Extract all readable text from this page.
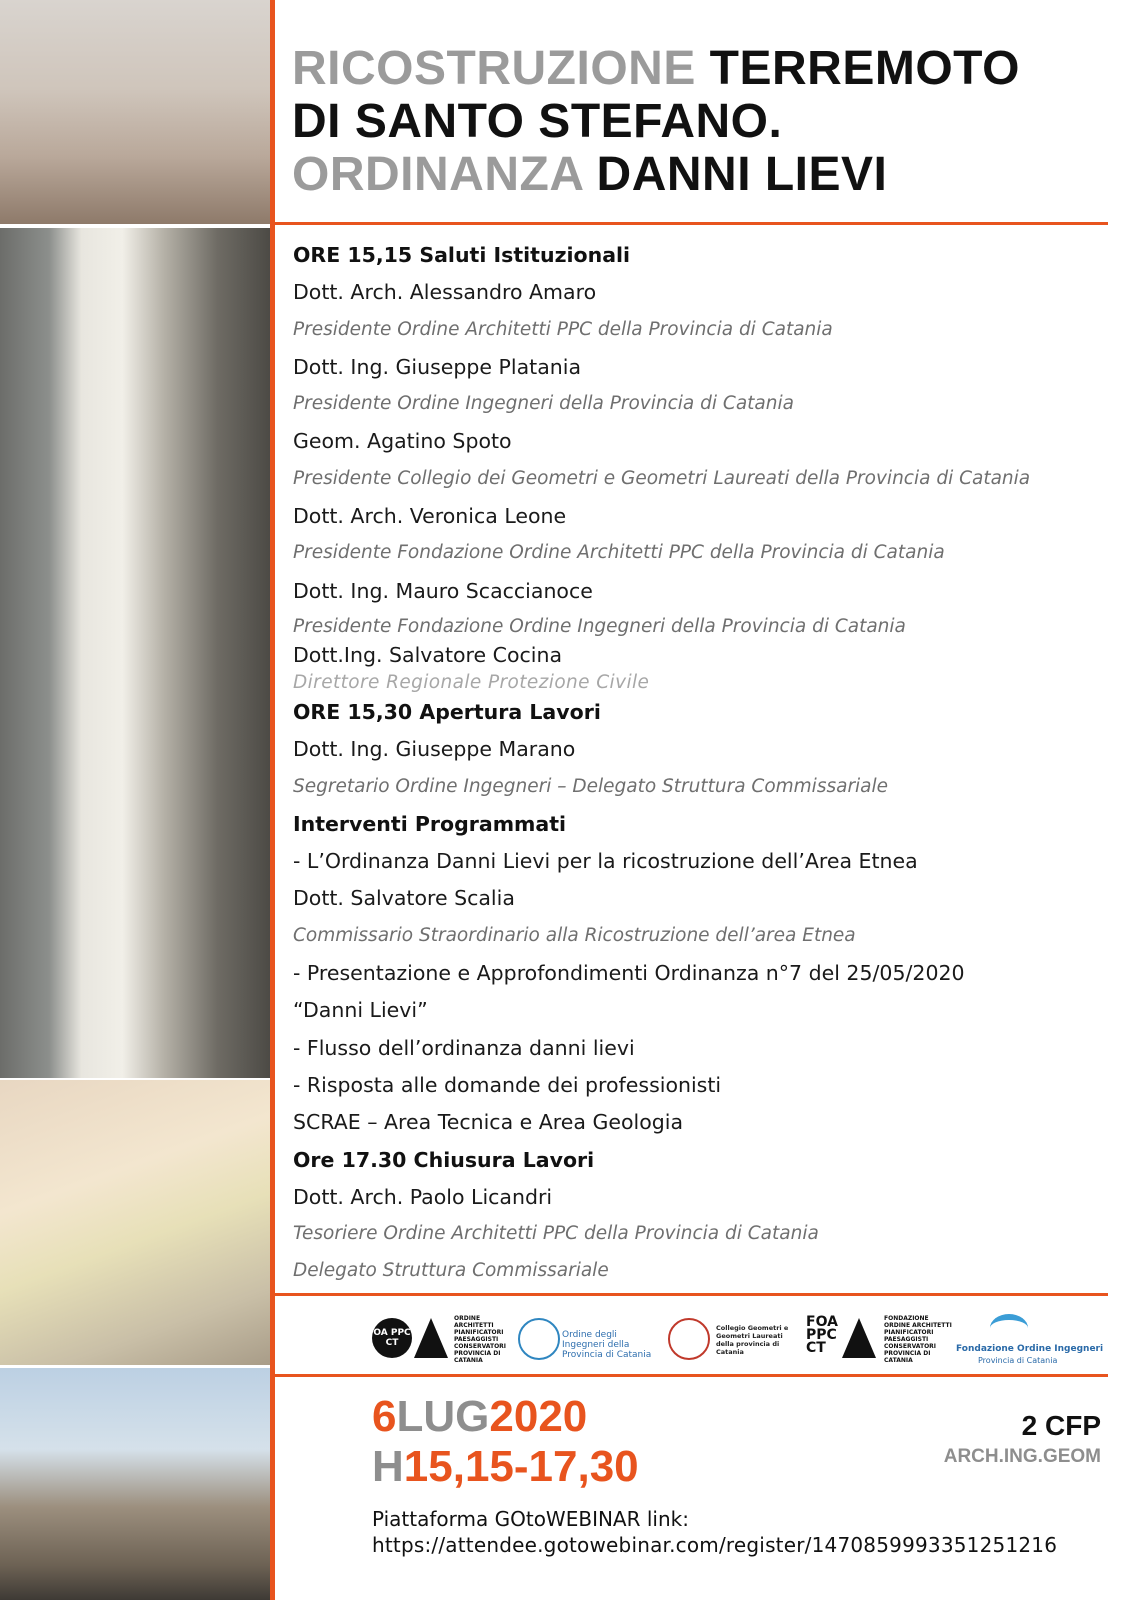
RICOSTRUZIONE TERREMOTO
DI SANTO STEFANO.
ORDINANZA DANNI LIEVI
ORE 15,15 Saluti Istituzionali
Dott. Arch. Alessandro Amaro
Presidente Ordine Architetti PPC della Provincia di Catania
Dott. Ing. Giuseppe Platania
Presidente Ordine Ingegneri della Provincia di Catania
Geom. Agatino Spoto
Presidente Collegio dei Geometri e Geometri Laureati della Provincia di Catania
Dott. Arch. Veronica Leone
Presidente Fondazione Ordine Architetti PPC della Provincia di Catania
Dott. Ing. Mauro Scaccianoce
Presidente Fondazione Ordine Ingegneri della Provincia di Catania
Dott.Ing. Salvatore Cocina
Direttore Regionale Protezione Civile
ORE 15,30 Apertura Lavori
Dott. Ing. Giuseppe Marano
Segretario Ordine Ingegneri – Delegato Struttura Commissariale
Interventi Programmati
- L’Ordinanza Danni Lievi per la ricostruzione dell’Area Etnea
Dott. Salvatore Scalia
Commissario Straordinario alla Ricostruzione dell’area Etnea
- Presentazione e Approfondimenti Ordinanza n°7 del 25/05/2020
“Danni Lievi”
- Flusso dell’ordinanza danni lievi
- Risposta alle domande dei professionisti
SCRAE – Area Tecnica e Area Geologia
Ore 17.30 Chiusura Lavori
Dott. Arch. Paolo Licandri
Tesoriere Ordine Architetti PPC della Provincia di Catania
Delegato Struttura Commissariale
OA PPC CT
ORDINE
ARCHITETTI
PIANIFICATORI
PAESAGGISTI
CONSERVATORI
PROVINCIA DI
CATANIA
Ordine degli Ingegneri della Provincia di Catania
Collegio Geometri e Geometri Laureati della provincia di Catania
FOA PPC CT
FONDAZIONE
ORDINE ARCHITETTI
PIANIFICATORI
PAESAGGISTI
CONSERVATORI
PROVINCIA DI
CATANIA
Fondazione Ordine Ingegneri
Provincia di Catania
6LUG2020
H15,15-17,30
2 CFP
ARCH.ING.GEOM
Piattaforma GOtoWEBINAR link:
https://attendee.gotowebinar.com/register/1470859993351251216
